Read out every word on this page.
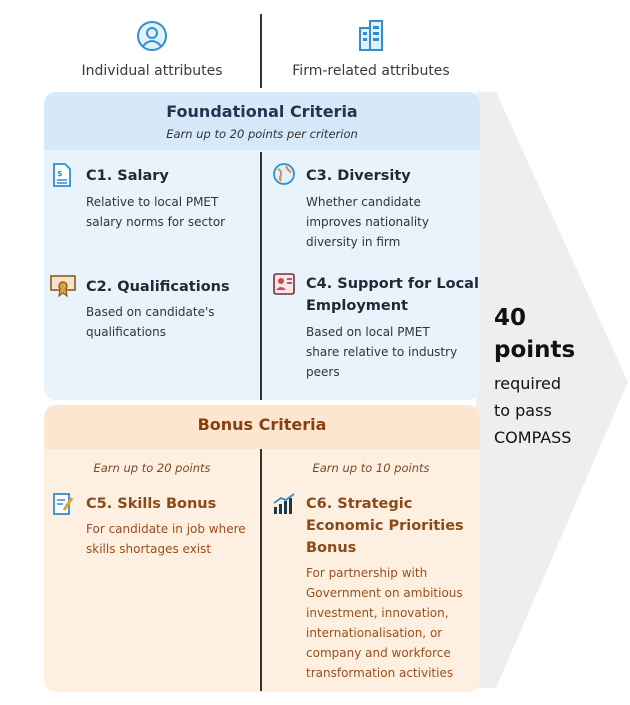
Individual attributes	Firm-related attributes
Foundational Criteria
Earn up to 20 points per criterion
$ C1. Salary
Relative to local PMET
salary norms for sector
C3. Diversity
Whether candidate
improves nationality
diversity in firm
C2. Qualifications
Based on candidate's
qualifications
C4. Support for Local
Employment
Based on local PMET
share relative to industry
peers
Bonus Criteria
Earn up to 20 points	Earn up to 10 points
C5. Skills Bonus
For candidate in job where
skills shortages exist
C6. Strategic
Economic Priorities
Bonus
For partnership with
Government on ambitious
investment, innovation,
internationalisation, or
company and workforce
transformation activities
40
points
required
to pass
COMPASS
